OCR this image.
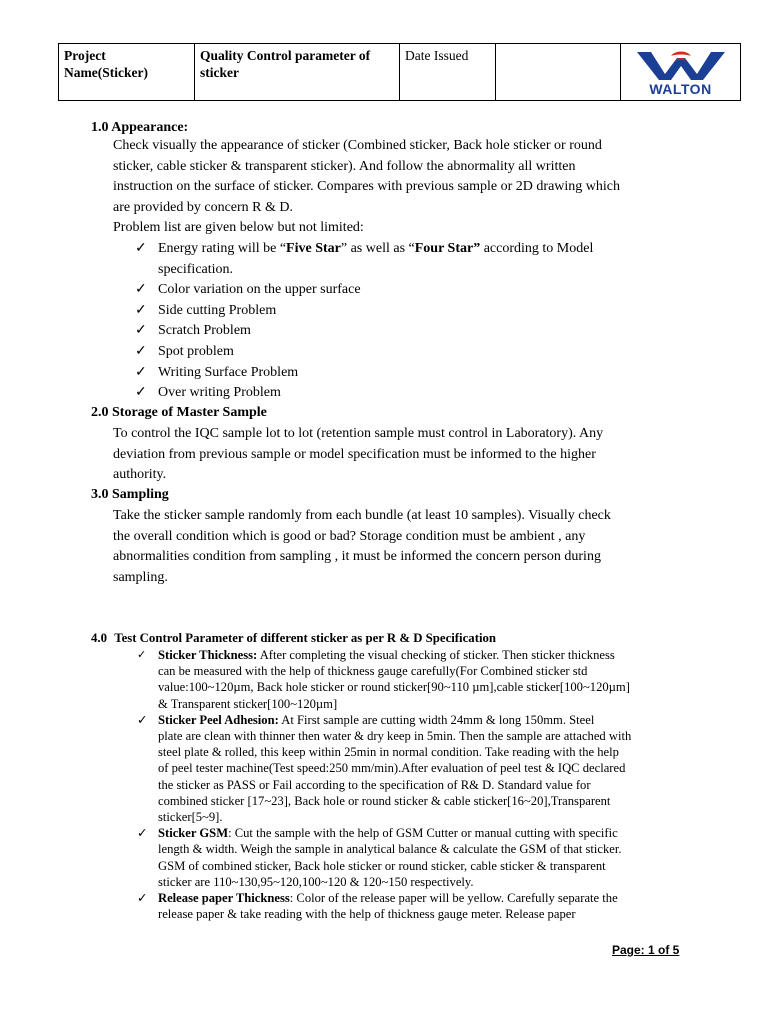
Project
Name(Sticker)
Quality Control parameter of
sticker
Date Issued
WALTON
1.0 Appearance:
Check visually the appearance of sticker (Combined sticker, Back hole sticker or round
sticker, cable sticker & transparent sticker). And follow the abnormality all written
instruction on the surface of sticker. Compares with previous sample or 2D drawing which
are provided by concern R & D.
Problem list are given below but not limited:
✓ Energy rating will be “Five Star” as well as “Four Star” according to Model
specification.
✓ Color variation on the upper surface
✓ Side cutting Problem
✓ Scratch Problem
✓ Spot problem
✓ Writing Surface Problem
✓ Over writing Problem
2.0 Storage of Master Sample
To control the IQC sample lot to lot (retention sample must control in Laboratory). Any
deviation from previous sample or model specification must be informed to the higher
authority.
3.0 Sampling
Take the sticker sample randomly from each bundle (at least 10 samples). Visually check
the overall condition which is good or bad? Storage condition must be ambient , any
abnormalities condition from sampling , it must be informed the concern person during
sampling.
4.0 Test Control Parameter of different sticker as per R & D Specification
✓ Sticker Thickness: After completing the visual checking of sticker. Then sticker thickness
can be measured with the help of thickness gauge carefully(For Combined sticker std
value:100~120µm, Back hole sticker or round sticker[90~110 µm],cable sticker[100~120µm]
& Transparent sticker[100~120µm]
✓ Sticker Peel Adhesion: At First sample are cutting width 24mm & long 150mm. Steel
plate are clean with thinner then water & dry keep in 5min. Then the sample are attached with
steel plate & rolled, this keep within 25min in normal condition. Take reading with the help
of peel tester machine(Test speed:250 mm/min).After evaluation of peel test & IQC declared
the sticker as PASS or Fail according to the specification of R& D. Standard value for
combined sticker [17~23], Back hole or round sticker & cable sticker[16~20],Transparent
sticker[5~9].
✓ Sticker GSM: Cut the sample with the help of GSM Cutter or manual cutting with specific
length & width. Weigh the sample in analytical balance & calculate the GSM of that sticker.
GSM of combined sticker, Back hole sticker or round sticker, cable sticker & transparent
sticker are 110~130,95~120,100~120 & 120~150 respectively.
✓ Release paper Thickness: Color of the release paper will be yellow. Carefully separate the
release paper & take reading with the help of thickness gauge meter. Release paper
Page: 1 of 5
